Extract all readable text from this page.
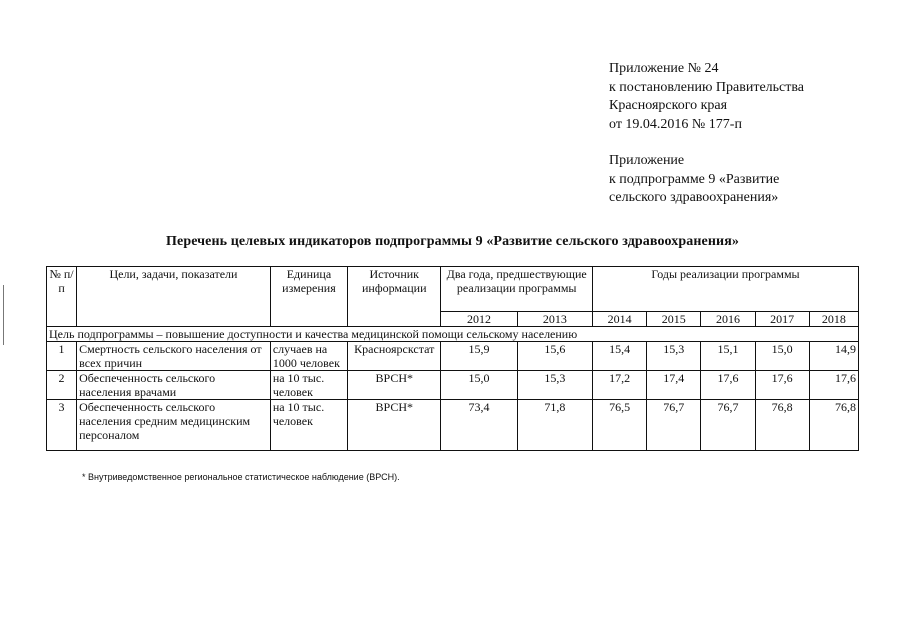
Приложение № 24
к постановлению Правительства
Красноярского края
от 19.04.2016 № 177-п
Приложение
к подпрограмме 9 «Развитие
сельского здравоохранения»
Перечень целевых индикаторов подпрограммы 9 «Развитие сельского здравоохранения»
№ п/п	Цели, задачи, показатели	Единица измерения	Источник информации	Два года, предшествующие реализации программы		Годы реализации программы				
				2012	2013	2014	2015	2016	2017	2018
Цель подпрограммы – повышение доступности и качества медицинской помощи сельскому населению										
1	Смертность сельского населения от всех причин	случаев на 1000 человек	Красноярскстат	15,9	15,6	15,4	15,3	15,1	15,0	14,9
2	Обеспеченность сельского населения врачами	на 10 тыс. человек	ВРСН*	15,0	15,3	17,2	17,4	17,6	17,6	17,6
3	Обеспеченность сельского населения средним медицинским персоналом	на 10 тыс. человек	ВРСН*	73,4	71,8	76,5	76,7	76,7	76,8	76,8
* Внутриведомственное региональное статистическое наблюдение (ВРСН).
